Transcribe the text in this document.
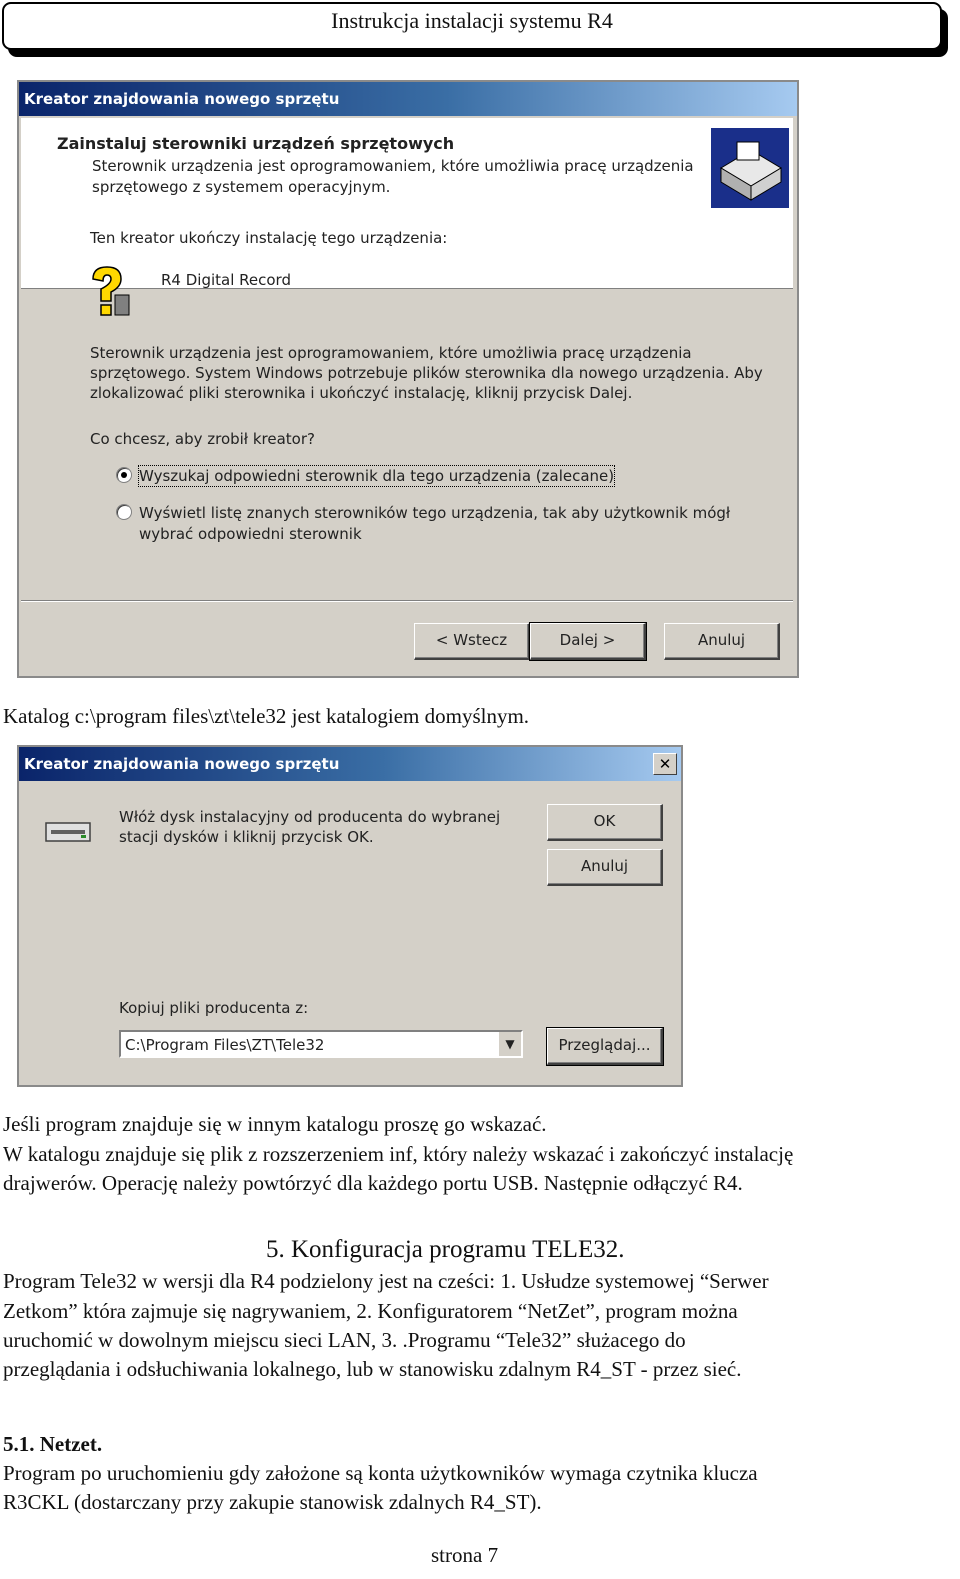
Instrukcja instalacji systemu R4
Kreator znajdowania nowego sprzętu
Zainstaluj sterowniki urządzeń sprzętowych
Sterownik urządzenia jest oprogramowaniem, które umożliwia pracę urządzenia
sprzętowego z systemem operacyjnym.
Ten kreator ukończy instalację tego urządzenia:
R4 Digital Record
Sterownik urządzenia jest oprogramowaniem, które umożliwia pracę urządzenia
sprzętowego. System Windows potrzebuje plików sterownika dla nowego urządzenia. Aby
zlokalizować pliki sterownika i ukończyć instalację, kliknij przycisk Dalej.
Co chcesz, aby zrobił kreator?
Wyszukaj odpowiedni sterownik dla tego urządzenia (zalecane)
Wyświetl listę znanych sterowników tego urządzenia, tak aby użytkownik mógł
wybrać odpowiedni sterownik
< Wstecz	Dalej >	Anuluj
Katalog c:\program files\zt\tele32 jest katalogiem domyślnym.
Kreator znajdowania nowego sprzętu	✕
Włóż dysk instalacyjny od producenta do wybranej
stacji dysków i kliknij przycisk OK.
OK
Anuluj
Kopiuj pliki producenta z:
C:\Program Files\ZT\Tele32	▼	Przeglądaj...
Jeśli program znajduje się w innym katalogu proszę go wskazać.
W katalogu znajduje się plik z rozszerzeniem inf, który należy wskazać i zakończyć instalację
drajwerów. Operację należy powtórzyć dla każdego portu USB. Następnie odłączyć R4.
5. Konfiguracja programu TELE32.
Program Tele32 w wersji dla R4 podzielony jest na cześci: 1. Usłudze systemowej “Serwer
Zetkom” która zajmuje się nagrywaniem, 2. Konfiguratorem “NetZet”, program można
uruchomić w dowolnym miejscu sieci LAN, 3. .Programu “Tele32” służacego do
przeglądania i odsłuchiwania lokalnego, lub w stanowisku zdalnym R4_ST - przez sieć.
5.1. Netzet.
Program po uruchomieniu gdy założone są konta użytkowników wymaga czytnika klucza
R3CKL (dostarczany przy zakupie stanowisk zdalnych R4_ST).
strona 7
